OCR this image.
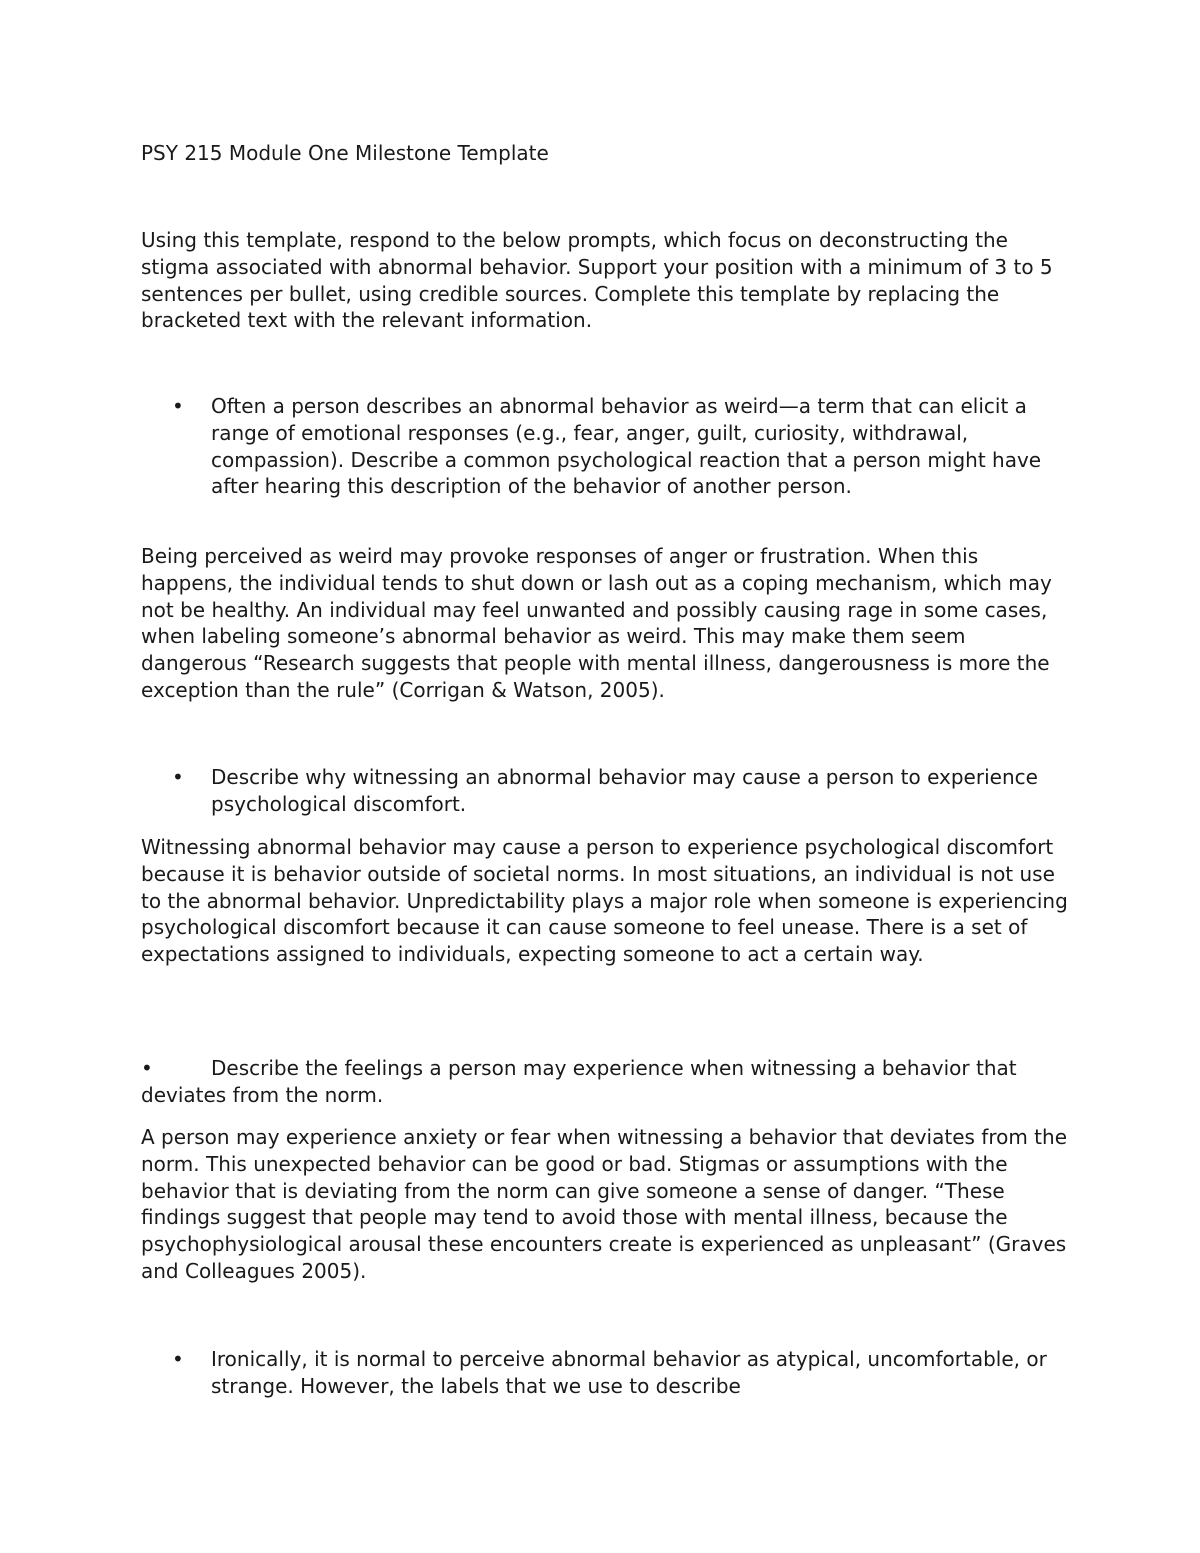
PSY 215 Module One Milestone Template

Using this template, respond to the below prompts, which focus on deconstructing the stigma associated with abnormal behavior. Support your position with a minimum of 3 to 5 sentences per bullet, using credible sources. Complete this template by replacing the bracketed text with the relevant information.

•	Often a person describes an abnormal behavior as weird—a term that can elicit a range of emotional responses (e.g., fear, anger, guilt, curiosity, withdrawal, compassion). Describe a common psychological reaction that a person might have after hearing this description of the behavior of another person.

Being perceived as weird may provoke responses of anger or frustration. When this happens, the individual tends to shut down or lash out as a coping mechanism, which may not be healthy. An individual may feel unwanted and possibly causing rage in some cases, when labeling someone’s abnormal behavior as weird. This may make them seem dangerous “Research suggests that people with mental illness, dangerousness is more the exception than the rule” (Corrigan & Watson, 2005).

•	Describe why witnessing an abnormal behavior may cause a person to experience psychological discomfort.

Witnessing abnormal behavior may cause a person to experience psychological discomfort because it is behavior outside of societal norms. In most situations, an individual is not use to the abnormal behavior. Unpredictability plays a major role when someone is experiencing psychological discomfort because it can cause someone to feel unease. There is a set of expectations assigned to individuals, expecting someone to act a certain way.

•	Describe the feelings a person may experience when witnessing a behavior that deviates from the norm.

A person may experience anxiety or fear when witnessing a behavior that deviates from the norm. This unexpected behavior can be good or bad. Stigmas or assumptions with the behavior that is deviating from the norm can give someone a sense of danger. “These findings suggest that people may tend to avoid those with mental illness, because the psychophysiological arousal these encounters create is experienced as unpleasant” (Graves and Colleagues 2005).

•	Ironically, it is normal to perceive abnormal behavior as atypical, uncomfortable, or strange. However, the labels that we use to describe
